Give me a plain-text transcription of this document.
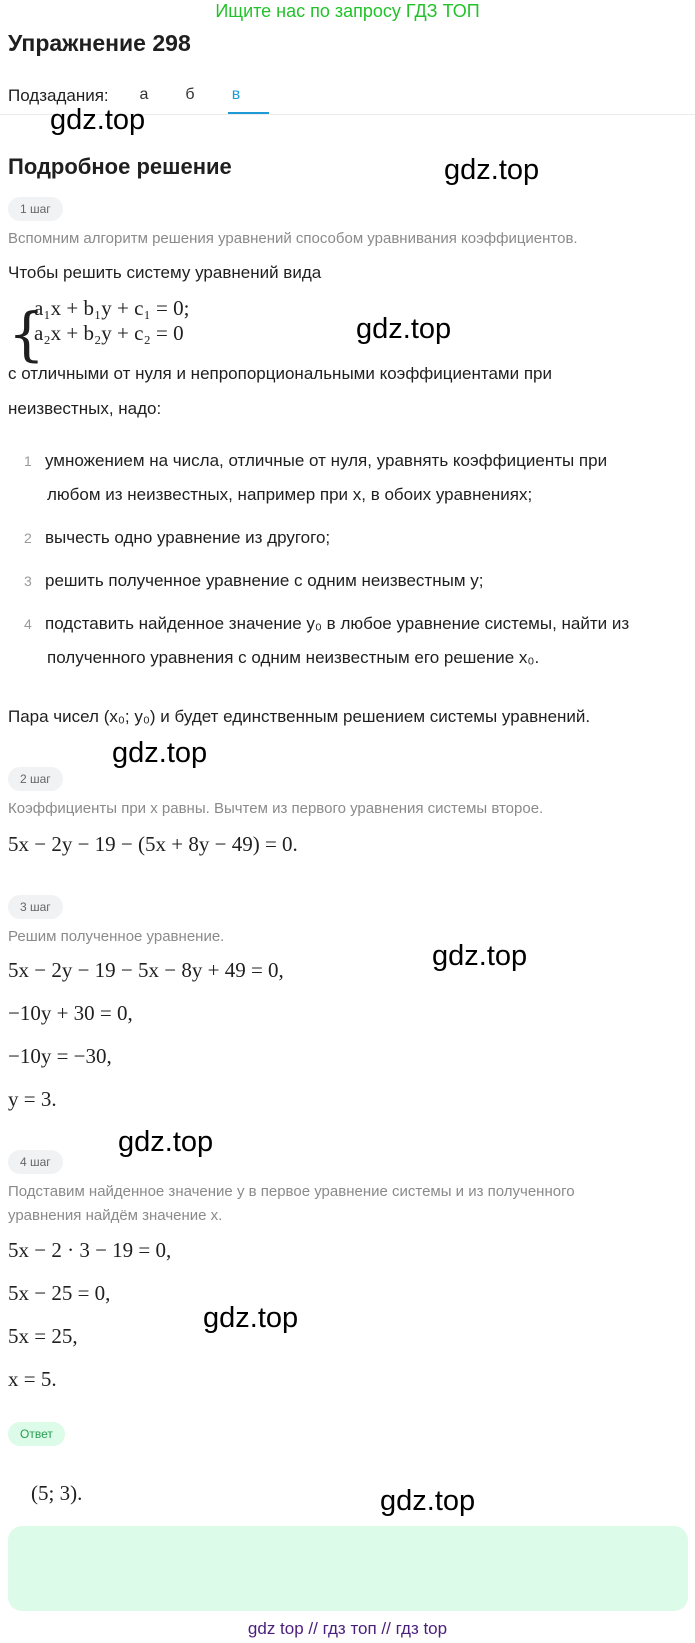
Ищите нас по запросу ГДЗ ТОП
Упражнение 298
Подзадания:	а	б	в
gdz.top
Подробное решение	gdz.top
1 шаг
Вспомним алгоритм решения уравнений способом уравнивания коэффициентов.
Чтобы решить систему уравнений вида
{
a₁x + b₁y + c₁ = 0;
a₂x + b₂y + c₂ = 0	gdz.top
с отличными от нуля и непропорциональными коэффициентами при
неизвестных, надо:
1 умножением на числа, отличные от нуля, уравнять коэффициенты при
любом из неизвестных, например при x, в обоих уравнениях;
2 вычесть одно уравнение из другого;
3 решить полученное уравнение с одним неизвестным y;
4 подставить найденное значение y₀ в любое уравнение системы, найти из
полученного уравнения с одним неизвестным его решение x₀.
Пара чисел (x₀; y₀) и будет единственным решением системы уравнений.
gdz.top
2 шаг
Коэффициенты при x равны. Вычтем из первого уравнения системы второе.
5x − 2y − 19 − (5x + 8y − 49) = 0.
3 шаг
Решим полученное уравнение.
gdz.top
5x − 2y − 19 − 5x − 8y + 49 = 0,
−10y + 30 = 0,
−10y = −30,
y = 3.
gdz.top
4 шаг
Подставим найденное значение y в первое уравнение системы и из полученного
уравнения найдём значение x.
5x − 2 · 3 − 19 = 0,
5x − 25 = 0,
gdz.top
5x = 25,
x = 5.
Ответ
(5; 3).	gdz.top
gdz top // гдз топ // гдз top
